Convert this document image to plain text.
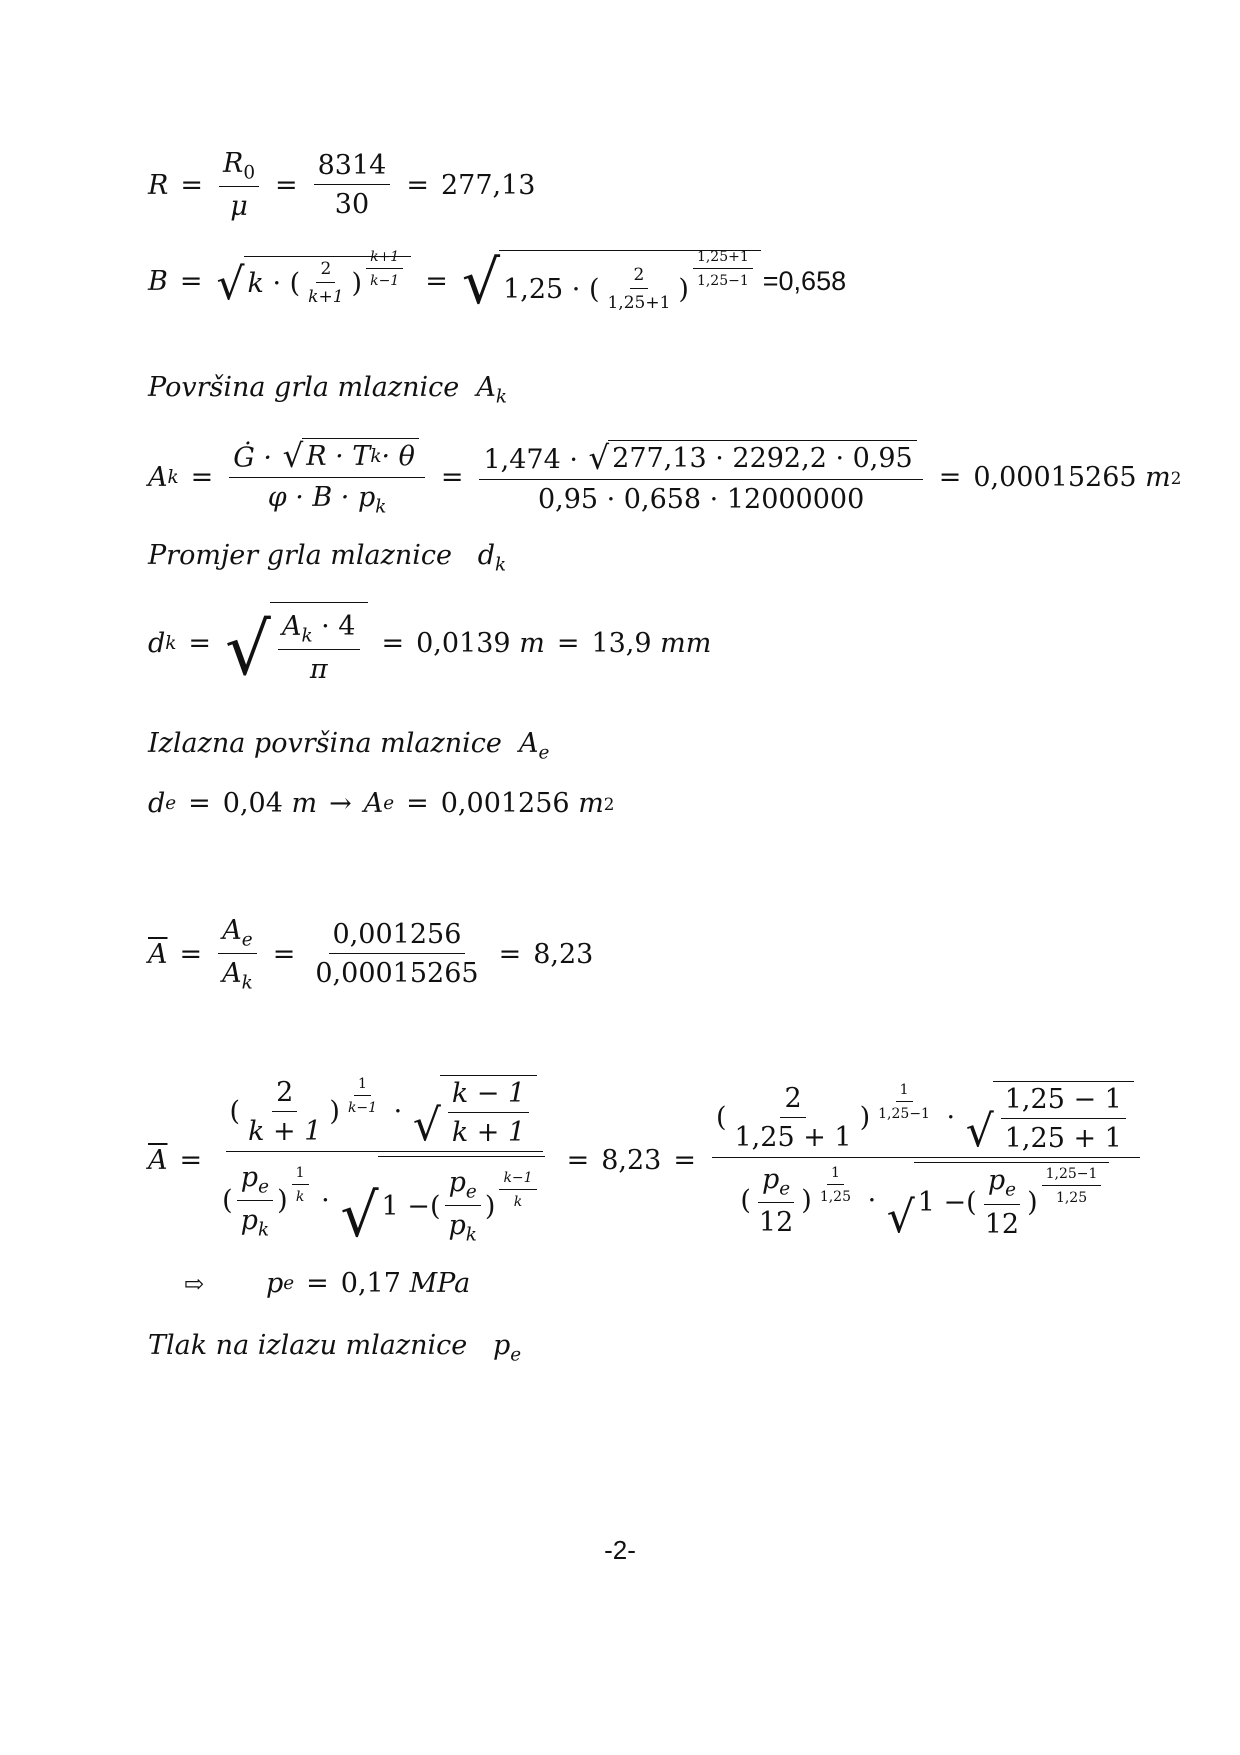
$R = \frac{R_0}{\mu} = \frac{8314}{30} = 277,13$
B = √ k · ( $\frac{2}{k+1}$ ) $\frac{k+1}{k-1}$ = √ 1,25 · ( $\frac{2}{1,25+1}$ ) $\frac{1,25+1}{1,25-1} =0,658$
Površina grla mlaznice $A_k$
A $k = \frac{\text{Ġ · √ R · T k · θ}}{\varphi \cdot B \cdot p_k} = \frac{1,474 \cdot √ 277,13 \cdot 2292,2 \cdot 0,95}{0,95 \cdot 0,658 \cdot 12000000} = 0,00015265$
m 2
Promjer grla mlaznice $d_k$
d k = √ $\frac{A_k \cdot 4}{\pi} = 0,0139$
m = 13,9
mm
Izlazna površina mlaznice $A_e$
d e = 0,04
m → A e = 0,001256
m 2
$\overline{A} = \frac{A_e}{A_k} = \frac{0,001256}{0,00015265} = 8,23$
$\overline{A} = \frac{( \frac{2}{k + 1} ) \frac{1}{k-1} \cdot √ \frac{k - 1}{k + 1}}{( \frac{p_e}{p_k} ) \frac{1}{k} \cdot √ 1 - ( \frac{p_e}{p_k} ) \frac{k-1}{k}} = 8,23 = \frac{( \frac{2}{1,25 + 1} ) \frac{1}{1,25-1} \cdot √ \frac{1,25 - 1}{1,25 + 1}}{( \frac{p_e}{12} ) \frac{1}{1,25} \cdot √ 1 - ( \frac{p_e}{12} ) \frac{1,25-1}{1,25}}$
⇨ p e = 0,17
MPa
Tlak na izlazu mlaznice $p_e$
-2-
